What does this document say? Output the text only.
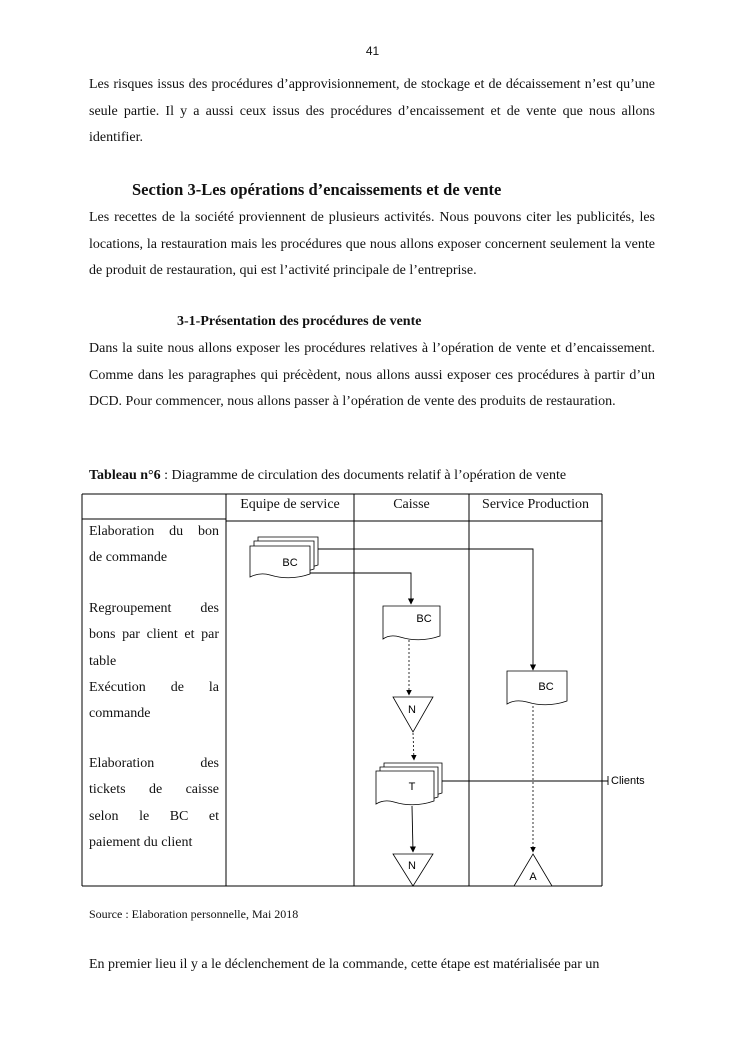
41

Les risques issus des procédures d’approvisionnement, de stockage et de décaissement n’est qu’une seule partie. Il y a aussi ceux issus des procédures d’encaissement et de vente que nous allons identifier.

Section 3-Les opérations d’encaissements et de vente

Les recettes de la société proviennent de plusieurs activités. Nous pouvons citer les publicités, les locations, la restauration mais les procédures que nous allons exposer concernent seulement la vente de produit de restauration, qui est l’activité principale de l’entreprise.

3-1-Présentation des procédures de vente

Dans la suite nous allons exposer les procédures relatives à l’opération de vente et d’encaissement. Comme dans les paragraphes qui précèdent, nous allons aussi exposer ces procédures à partir d’un DCD. Pour commencer, nous allons passer à l’opération de vente des produits de restauration.

Tableau n°6 : Diagramme de circulation des documents relatif à l’opération de vente

BC
BC
N
BC
T	Clients
N
A
Equipe de service	Caisse	Service Production
Elaboration du bon
de commande
Regroupement des
bons par client et par
table
Exécution de la
commande
Elaboration des
tickets de caisse
selon le BC et
paiement du client

Source : Elaboration personnelle, Mai 2018

En premier lieu il y a le déclenchement de la commande, cette étape est matérialisée par un
